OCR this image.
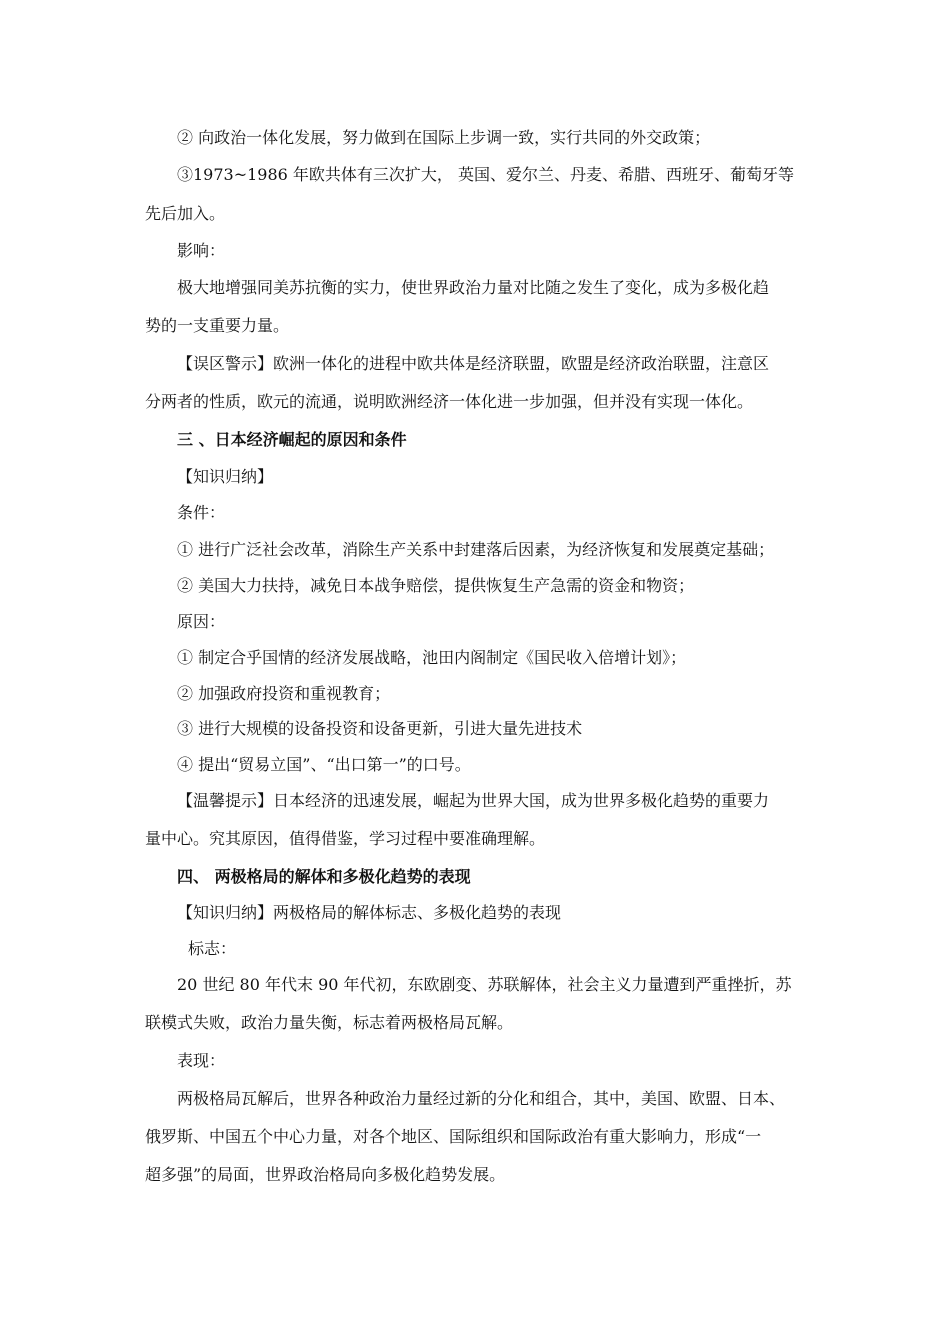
② 向政治一体化发展，努力做到在国际上步调一致，实行共同的外交政策；
③1973~1986 年欧共体有三次扩大， 英国、爱尔兰、丹麦、希腊、西班牙、葡萄牙等
先后加入。
影响：
极大地增强同美苏抗衡的实力，使世界政治力量对比随之发生了变化，成为多极化趋
势的一支重要力量。
【误区警示】欧洲一体化的进程中欧共体是经济联盟，欧盟是经济政治联盟，注意区
分两者的性质，欧元的流通，说明欧洲经济一体化进一步加强，但并没有实现一体化。
三 、日本经济崛起的原因和条件
【知识归纳】
条件：
① 进行广泛社会改革，消除生产关系中封建落后因素，为经济恢复和发展奠定基础；
② 美国大力扶持，减免日本战争赔偿，提供恢复生产急需的资金和物资；
原因：
① 制定合乎国情的经济发展战略，池田内阁制定《国民收入倍增计划》；
② 加强政府投资和重视教育；
③ 进行大规模的设备投资和设备更新，引进大量先进技术
④ 提出“贸易立国”、“出口第一”的口号。
【温馨提示】日本经济的迅速发展，崛起为世界大国，成为世界多极化趋势的重要力
量中心。究其原因，值得借鉴，学习过程中要准确理解。
四、 两极格局的解体和多极化趋势的表现
【知识归纳】两极格局的解体标志、多极化趋势的表现
标志：
20 世纪 80 年代末 90 年代初，东欧剧变、苏联解体，社会主义力量遭到严重挫折，苏
联模式失败，政治力量失衡，标志着两极格局瓦解。
表现：
两极格局瓦解后，世界各种政治力量经过新的分化和组合，其中，美国、欧盟、日本、
俄罗斯、中国五个中心力量，对各个地区、国际组织和国际政治有重大影响力，形成“一
超多强”的局面，世界政治格局向多极化趋势发展。
